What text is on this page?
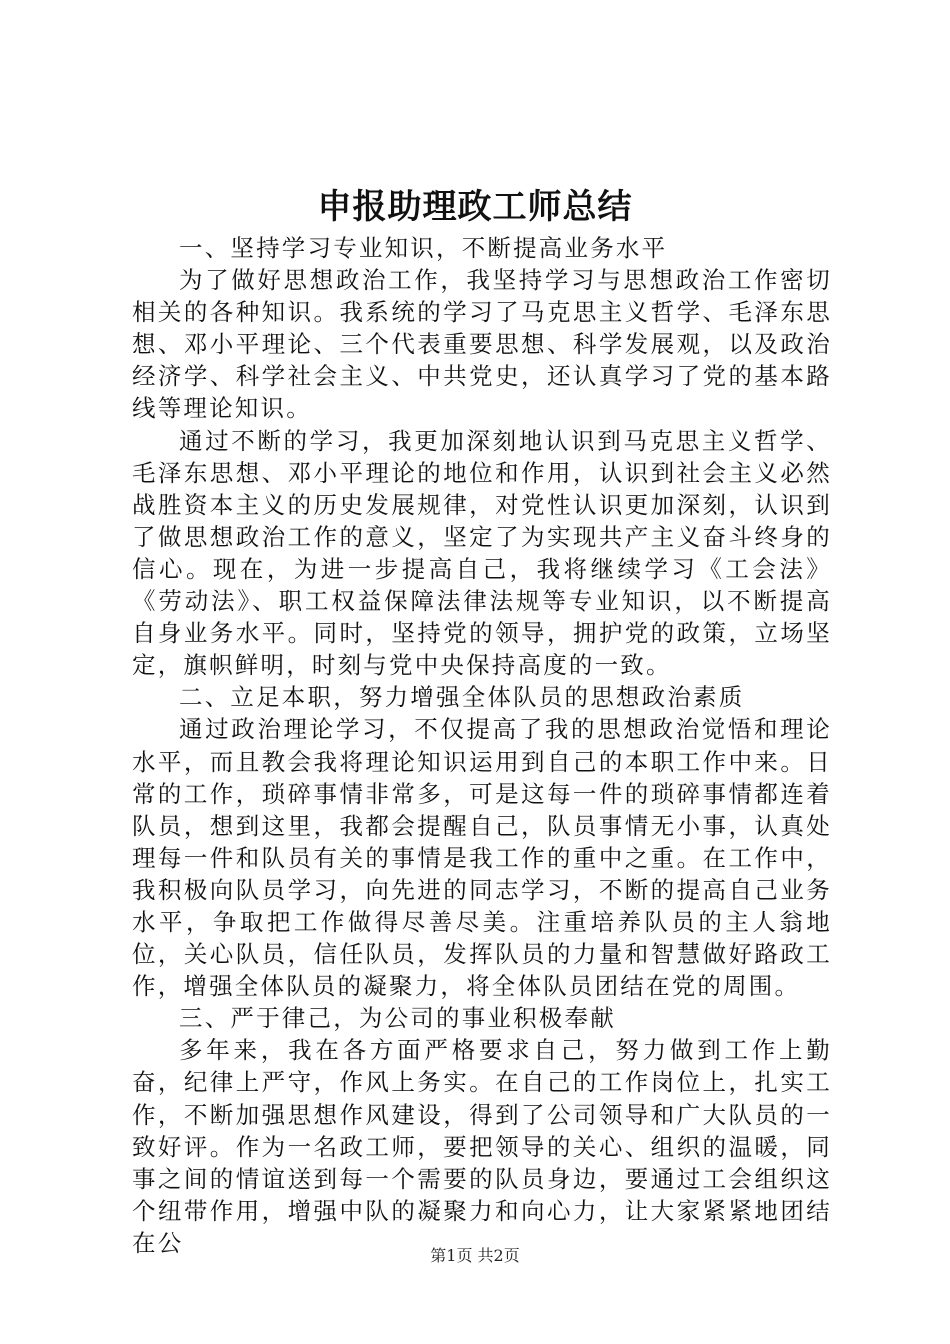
申报助理政工师总结

一、坚持学习专业知识，不断提高业务水平

为了做好思想政治工作，我坚持学习与思想政治工作密切相关的各种知识。我系统的学习了马克思主义哲学、毛泽东思想、邓小平理论、三个代表重要思想、科学发展观，以及政治经济学、科学社会主义、中共党史，还认真学习了党的基本路线等理论知识。

通过不断的学习，我更加深刻地认识到马克思主义哲学、毛泽东思想、邓小平理论的地位和作用，认识到社会主义必然战胜资本主义的历史发展规律，对党性认识更加深刻，认识到了做思想政治工作的意义，坚定了为实现共产主义奋斗终身的信心。现在，为进一步提高自己，我将继续学习《工会法》《劳动法》、职工权益保障法律法规等专业知识，以不断提高自身业务水平。同时，坚持党的领导，拥护党的政策，立场坚定，旗帜鲜明，时刻与党中央保持高度的一致。

二、立足本职，努力增强全体队员的思想政治素质

通过政治理论学习，不仅提高了我的思想政治觉悟和理论水平，而且教会我将理论知识运用到自己的本职工作中来。日常的工作，琐碎事情非常多，可是这每一件的琐碎事情都连着队员，想到这里，我都会提醒自己，队员事情无小事，认真处理每一件和队员有关的事情是我工作的重中之重。在工作中，我积极向队员学习，向先进的同志学习，不断的提高自己业务水平，争取把工作做得尽善尽美。注重培养队员的主人翁地位，关心队员，信任队员，发挥队员的力量和智慧做好路政工作，增强全体队员的凝聚力，将全体队员团结在党的周围。

三、严于律己，为公司的事业积极奉献

多年来，我在各方面严格要求自己，努力做到工作上勤奋，纪律上严守，作风上务实。在自己的工作岗位上，扎实工作，不断加强思想作风建设，得到了公司领导和广大队员的一致好评。作为一名政工师，要把领导的关心、组织的温暖，同事之间的情谊送到每一个需要的队员身边，要通过工会组织这个纽带作用，增强中队的凝聚力和向心力，让大家紧紧地团结在公	第1页 共2页
